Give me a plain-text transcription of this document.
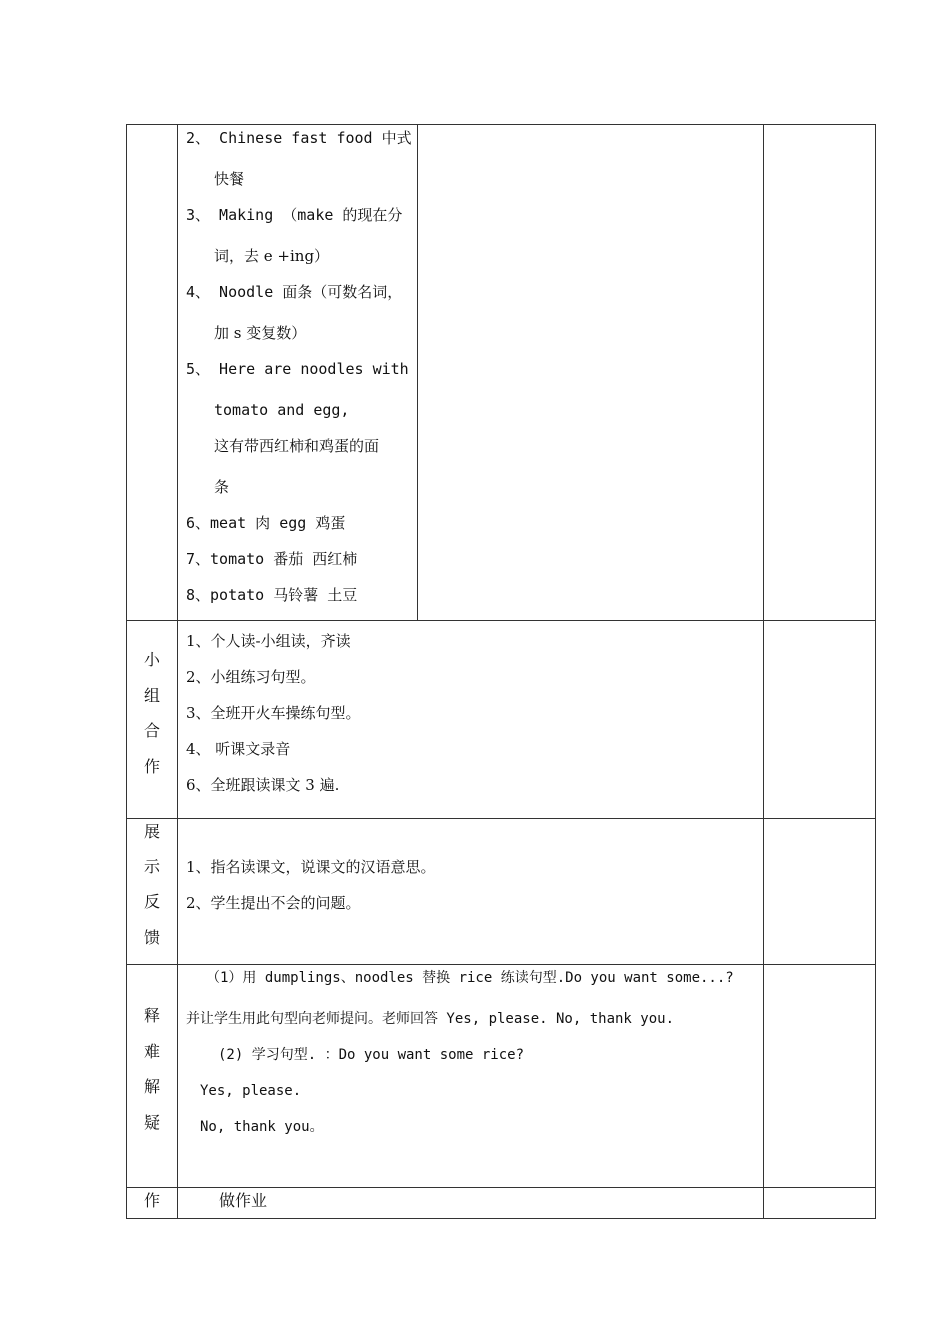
2、 Chinese fast food 中式
快餐
3、 Making （make 的现在分
词，去 e +ing）
4、 Noodle 面条（可数名词，
加 s 变复数）
5、 Here are noodles with
tomato and egg,
这有带西红柿和鸡蛋的面
条
6、meat 肉 egg 鸡蛋
7、tomato 番茄 西红柿
8、potato 马铃薯 土豆
小
组
合
作
1、个人读-小组读，齐读
2、小组练习句型。
3、全班开火车操练句型。
4、 听课文录音
6、全班跟读课文 3 遍.
展
示
反
馈
1、指名读课文，说课文的汉语意思。
2、学生提出不会的问题。
释
难
解
疑
（1）用 dumplings、noodles 替换 rice 练读句型.Do you want some...?
并让学生用此句型向老师提问。老师回答 Yes, please. No, thank you.
(2) 学习句型. ：Do you want some rice?
Yes, please.
No, thank you。
作	做作业
